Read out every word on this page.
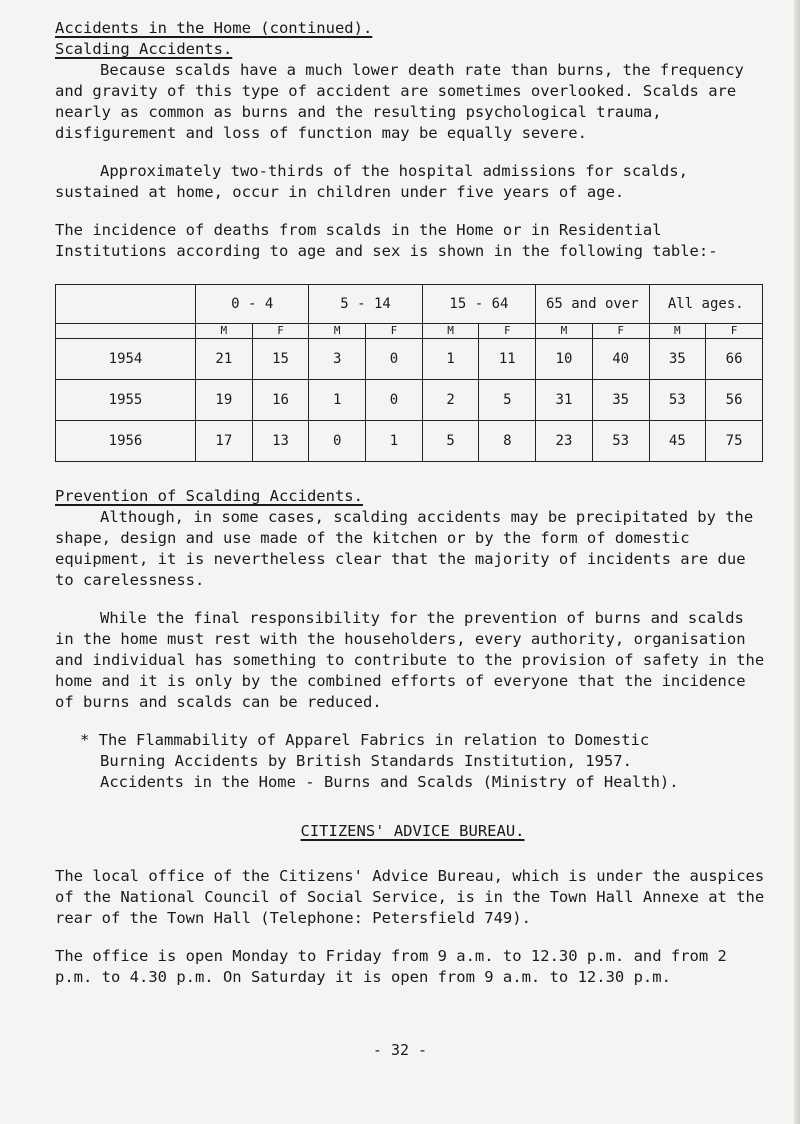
Accidents in the Home (continued).

Scalding Accidents.

Because scalds have a much lower death rate than burns, the frequency and gravity of this type of accident are sometimes overlooked. Scalds are nearly as common as burns and the resulting psychological trauma, disfigurement and loss of function may be equally severe.

Approximately two-thirds of the hospital admissions for scalds, sustained at home, occur in children under five years of age.

The incidence of deaths from scalds in the Home or in Residential Institutions according to age and sex is shown in the following table:-

	0 - 4		5 - 14		15 - 64		65 and over		All ages.	
	M	F	M	F	M	F	M	F	M	F
1954	21	15	3	0	1	11	10	40	35	66
1955	19	16	1	0	2	5	31	35	53	56
1956	17	13	0	1	5	8	23	53	45	75

Prevention of Scalding Accidents.

Although, in some cases, scalding accidents may be precipitated by the shape, design and use made of the kitchen or by the form of domestic equipment, it is nevertheless clear that the majority of incidents are due to carelessness.

While the final responsibility for the prevention of burns and scalds in the home must rest with the householders, every authority, organisation and individual has something to contribute to the provision of safety in the home and it is only by the combined efforts of everyone that the incidence of burns and scalds can be reduced.

* The Flammability of Apparel Fabrics in relation to Domestic

Burning Accidents by British Standards Institution, 1957.

Accidents in the Home - Burns and Scalds (Ministry of Health).

CITIZENS' ADVICE BUREAU.

The local office of the Citizens' Advice Bureau, which is under the auspices of the National Council of Social Service, is in the Town Hall Annexe at the rear of the Town Hall (Telephone: Petersfield 749).

The office is open Monday to Friday from 9 a.m. to 12.30 p.m. and from 2 p.m. to 4.30 p.m. On Saturday it is open from 9 a.m. to 12.30 p.m.

- 32 -
